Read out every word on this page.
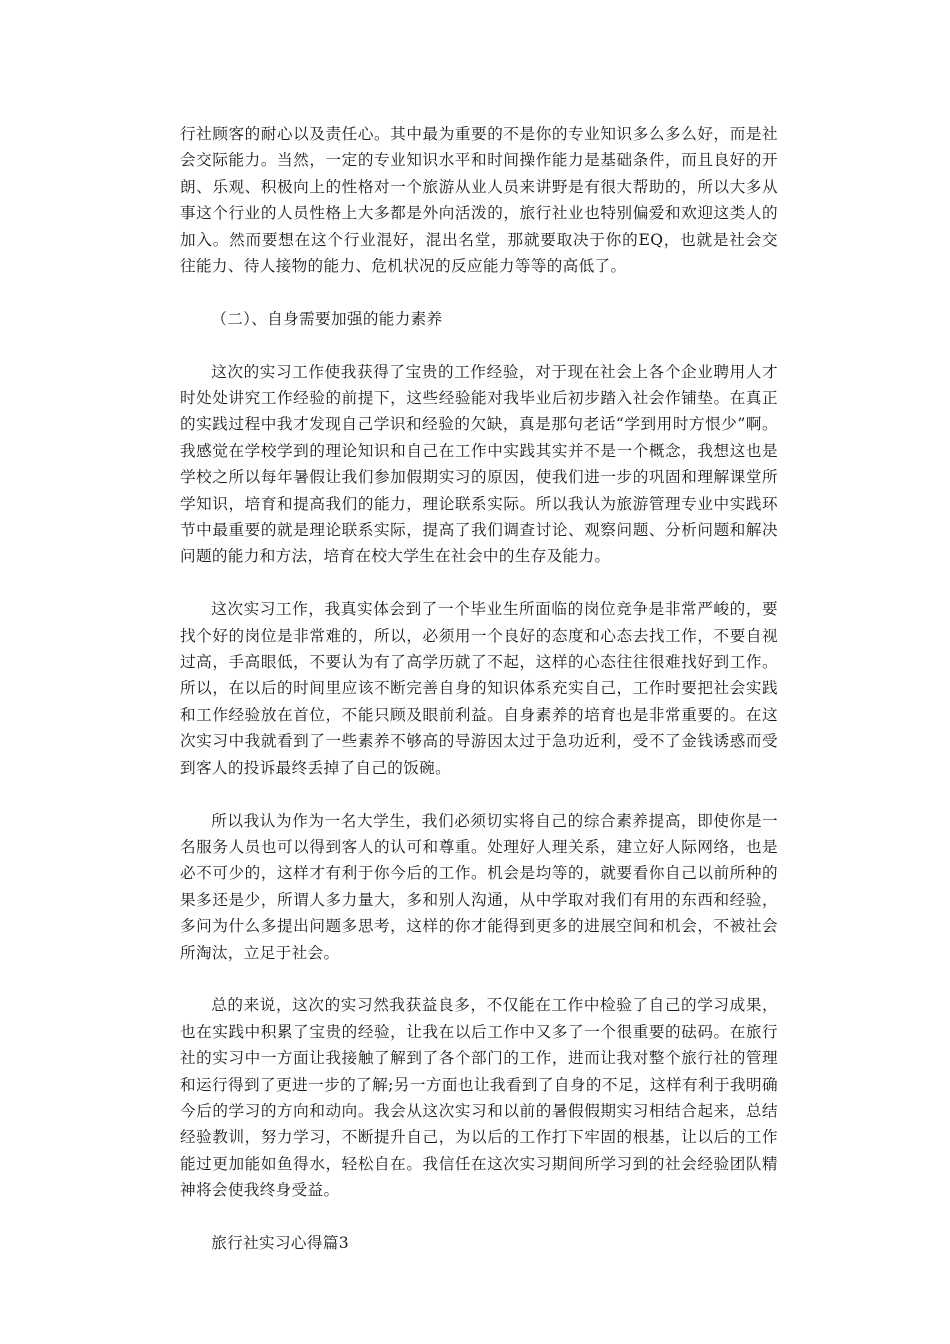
行社顾客的耐心以及责任心。其中最为重要的不是你的专业知识多么多么好，而是社会交际能力。当然，一定的专业知识水平和时间操作能力是基础条件，而且良好的开朗、乐观、积极向上的性格对一个旅游从业人员来讲野是有很大帮助的，所以大多从事这个行业的人员性格上大多都是外向活泼的，旅行社业也特别偏爱和欢迎这类人的加入。然而要想在这个行业混好，混出名堂，那就要取决于你的EQ，也就是社会交往能力、待人接物的能力、危机状况的反应能力等等的高低了。

（二）、自身需要加强的能力素养

这次的实习工作使我获得了宝贵的工作经验，对于现在社会上各个企业聘用人才时处处讲究工作经验的前提下，这些经验能对我毕业后初步踏入社会作铺垫。在真正的实践过程中我才发现自己学识和经验的欠缺，真是那句老话“学到用时方恨少”啊。我感觉在学校学到的理论知识和自己在工作中实践其实并不是一个概念，我想这也是学校之所以每年暑假让我们参加假期实习的原因，使我们进一步的巩固和理解课堂所学知识，培育和提高我们的能力，理论联系实际。所以我认为旅游管理专业中实践环节中最重要的就是理论联系实际，提高了我们调查讨论、观察问题、分析问题和解决问题的能力和方法，培育在校大学生在社会中的生存及能力。

这次实习工作，我真实体会到了一个毕业生所面临的岗位竞争是非常严峻的，要找个好的岗位是非常难的，所以，必须用一个良好的态度和心态去找工作，不要自视过高，手高眼低，不要认为有了高学历就了不起，这样的心态往往很难找好到工作。所以，在以后的时间里应该不断完善自身的知识体系充实自己，工作时要把社会实践和工作经验放在首位，不能只顾及眼前利益。自身素养的培育也是非常重要的。在这次实习中我就看到了一些素养不够高的导游因太过于急功近利，受不了金钱诱惑而受到客人的投诉最终丢掉了自己的饭碗。

所以我认为作为一名大学生，我们必须切实将自己的综合素养提高，即使你是一名服务人员也可以得到客人的认可和尊重。处理好人理关系，建立好人际网络，也是必不可少的，这样才有利于你今后的工作。机会是均等的，就要看你自己以前所种的果多还是少，所谓人多力量大，多和别人沟通，从中学取对我们有用的东西和经验，多问为什么多提出问题多思考，这样的你才能得到更多的进展空间和机会，不被社会所淘汰，立足于社会。

总的来说，这次的实习然我获益良多，不仅能在工作中检验了自己的学习成果，也在实践中积累了宝贵的经验，让我在以后工作中又多了一个很重要的砝码。在旅行社的实习中一方面让我接触了解到了各个部门的工作，进而让我对整个旅行社的管理和运行得到了更进一步的了解;另一方面也让我看到了自身的不足，这样有利于我明确今后的学习的方向和动向。我会从这次实习和以前的暑假假期实习相结合起来，总结经验教训，努力学习，不断提升自己，为以后的工作打下牢固的根基，让以后的工作能过更加能如鱼得水，轻松自在。我信任在这次实习期间所学习到的社会经验团队精神将会使我终身受益。

旅行社实习心得篇3
